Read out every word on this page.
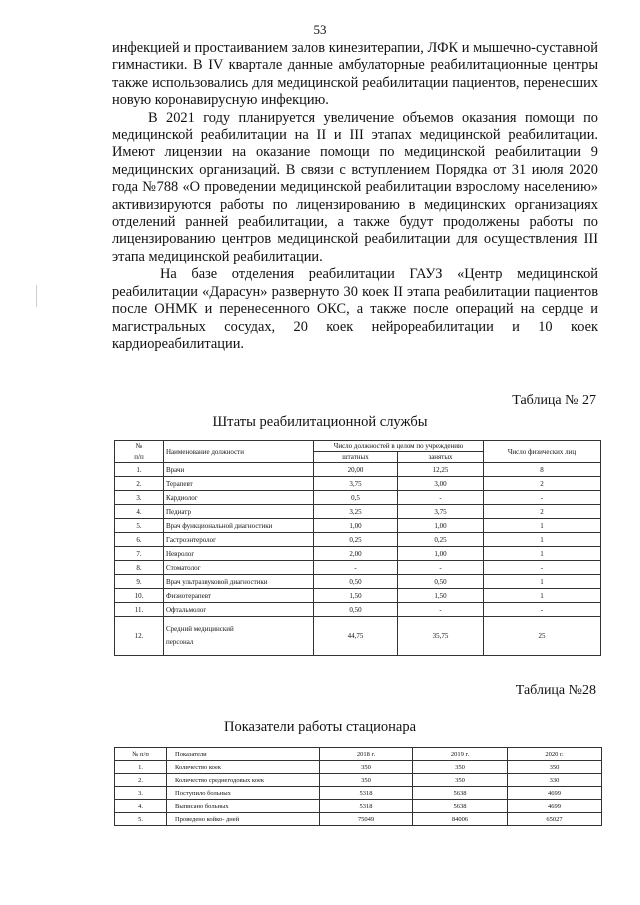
53

инфекцией и простаиванием залов кинезитерапии, ЛФК и мышечно-суставной гимнастики. В IV квартале данные амбулаторные реабилитационные центры также использовались для медицинской реабилитации пациентов, перенесших новую коронавирусную инфекцию.

В 2021 году планируется увеличение объемов оказания помощи по медицинской реабилитации на II и III этапах медицинской реабилитации. Имеют лицензии на оказание помощи по медицинской реабилитации 9 медицинских организаций. В связи с вступлением Порядка от 31 июля 2020 года №788 «О проведении медицинской реабилитации взрослому населению» активизируются работы по лицензированию в медицинских организациях отделений ранней реабилитации, а также будут продолжены работы по лицензированию центров медицинской реабилитации для осуществления III этапа медицинской реабилитации.

На базе отделения реабилитации ГАУЗ «Центр медицинской реабилитации «Дарасун» развернуто 30 коек II этапа реабилитации пациентов после ОНМК и перенесенного ОКС, а также после операций на сердце и магистральных сосудах, 20 коек нейрореабилитации и 10 коек кардиореабилитации.

Таблица № 27
Штаты реабилитационной службы
№	Наименование должности	Число должностей в целом по учреждению		Число физических лиц
п/п		штатных	занятых	
1.	Врачи	20,00	12,25	8
2.	Терапевт	3,75	3,00	2
3.	Кардиолог	0,5	-	-
4.	Педиатр	3,25	3,75	2
5.	Врач функциональной диагностики	1,00	1,00	1
6.	Гастроэнтеролог	0,25	0,25	1
7.	Невролог	2,00	1,00	1
8.	Стоматолог	-	-	-
9.	Врач ультразвуковой диагностики	0,50	0,50	1
10.	Физиотерапевт	1,50	1,50	1
11.	Офтальмолог	0,50	-	-
12.	Средний медицинский
персонал	44,75	35,75	25
Таблица №28
Показатели работы стационара
№ п/п	Показатели	2018 г.	2019 г.	2020 г.
1.	Количество коек	350	350	350
2.	Количество среднегодовых коек	350	350	330
3.	Поступило больных	5318	5638	4699
4.	Выписано больных	5318	5638	4699
5.	Проведено койко- дней	75049	84006	65027
